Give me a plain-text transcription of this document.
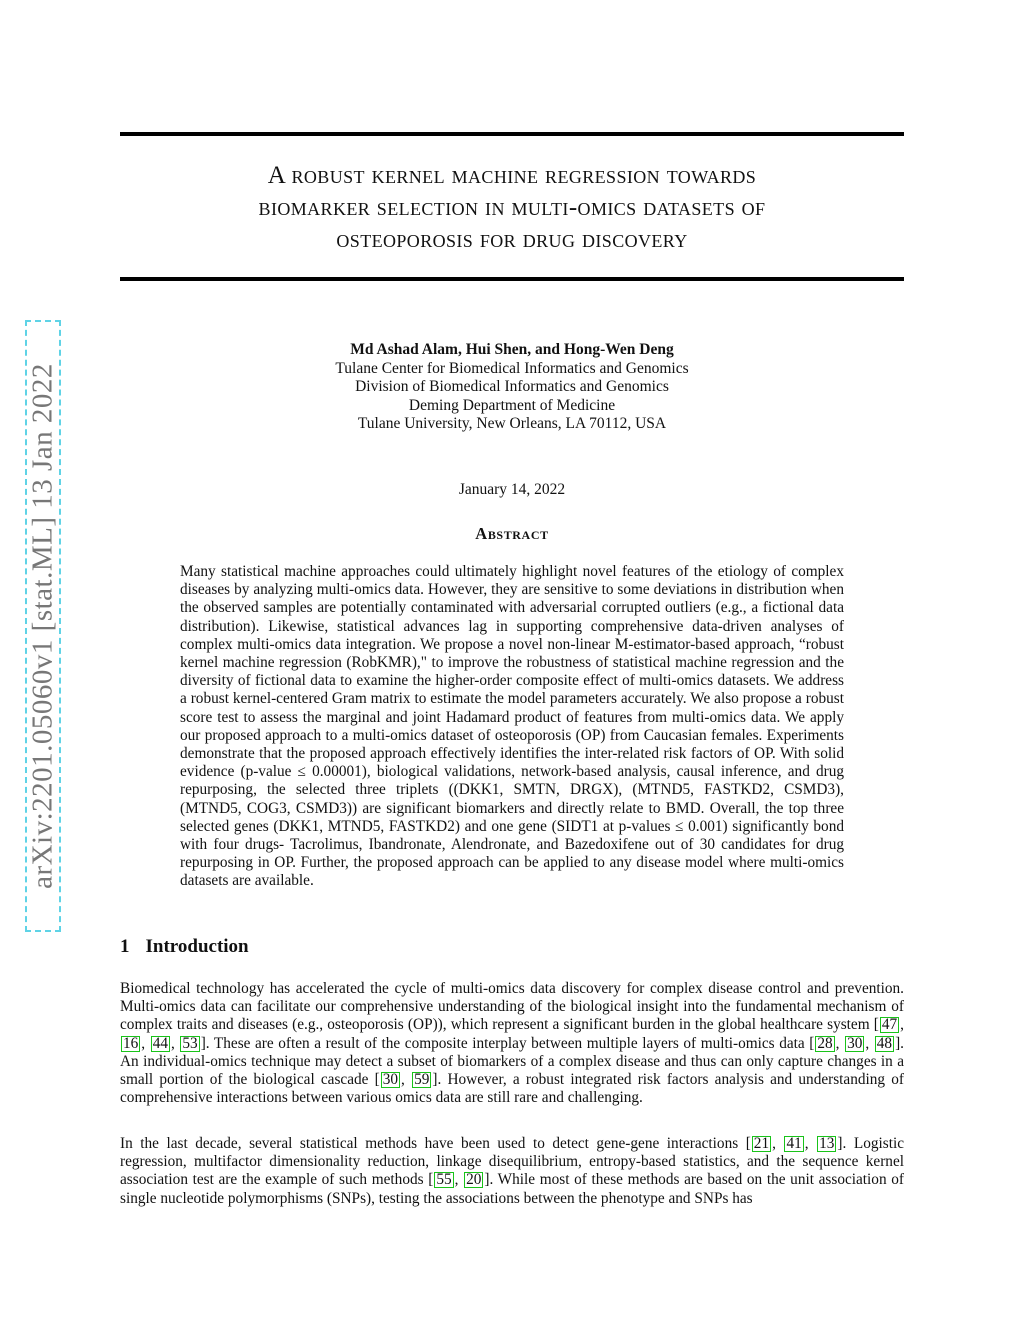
arXiv:2201.05060v1 [stat.ML] 13 Jan 2022
A robust kernel machine regression towards
biomarker selection in multi-omics datasets of
osteoporosis for drug discovery
Md Ashad Alam, Hui Shen, and Hong-Wen Deng
Tulane Center for Biomedical Informatics and Genomics
Division of Biomedical Informatics and Genomics
Deming Department of Medicine
Tulane University, New Orleans, LA 70112, USA
January 14, 2022
Abstract
Many statistical machine approaches could ultimately highlight novel features of the etiology of complex diseases by analyzing multi-omics data. However, they are sensitive to some deviations in distribution when the observed samples are potentially contaminated with adversarial corrupted outliers (e.g., a fictional data distribution). Likewise, statistical advances lag in supporting comprehensive data-driven analyses of complex multi-omics data integration. We propose a novel non-linear M-estimator-based approach, “robust kernel machine regression (RobKMR)," to improve the robustness of statistical machine regression and the diversity of fictional data to examine the higher-order composite effect of multi-omics datasets. We address a robust kernel-centered Gram matrix to estimate the model parameters accurately. We also propose a robust score test to assess the marginal and joint Hadamard product of features from multi-omics data. We apply our proposed approach to a multi-omics dataset of osteoporosis (OP) from Caucasian females. Experiments demonstrate that the proposed approach effectively identifies the inter-related risk factors of OP. With solid evidence (p-value ≤ 0.00001), biological validations, network-based analysis, causal inference, and drug repurposing, the selected three triplets ((DKK1, SMTN, DRGX), (MTND5, FASTKD2, CSMD3), (MTND5, COG3, CSMD3)) are significant biomarkers and directly relate to BMD. Overall, the top three selected genes (DKK1, MTND5, FASTKD2) and one gene (SIDT1 at p-values ≤ 0.001) significantly bond with four drugs- Tacrolimus, Ibandronate, Alendronate, and Bazedoxifene out of 30 candidates for drug repurposing in OP. Further, the proposed approach can be applied to any disease model where multi-omics datasets are available.
1 Introduction
Biomedical technology has accelerated the cycle of multi-omics data discovery for complex disease control and prevention. Multi-omics data can facilitate our comprehensive understanding of the biological insight into the fundamental mechanism of complex traits and diseases (e.g., osteoporosis (OP)), which represent a significant burden in the global healthcare system [ 47 , 16 , 44 , 53 ]. These are often a result of the composite interplay between multiple layers of multi-omics data [ 28 , 30 , 48 ]. An individual-omics technique may detect a subset of biomarkers of a complex disease and thus can only capture changes in a small portion of the biological cascade [ 30 , 59 ]. However, a robust integrated risk factors analysis and understanding of comprehensive interactions between various omics data are still rare and challenging.
In the last decade, several statistical methods have been used to detect gene-gene interactions [ 21 , 41 , 13 ]. Logistic regression, multifactor dimensionality reduction, linkage disequilibrium, entropy-based statistics, and the sequence kernel association test are the example of such methods [ 55 , 20 ]. While most of these methods are based on the unit association of single nucleotide polymorphisms (SNPs), testing the associations between the phenotype and SNPs has
